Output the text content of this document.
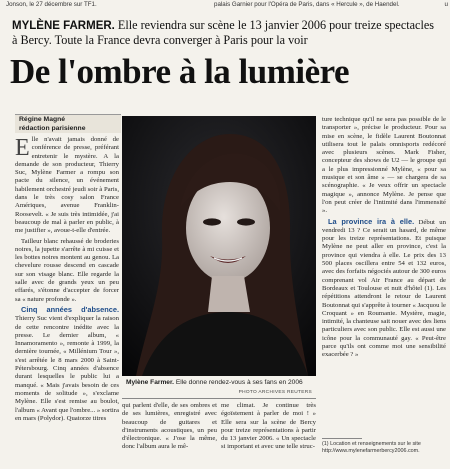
Jonson, le 27 décembre sur TF1.	palais Garnier pour l'Opéra de Paris, dans « Hercule », de Haendel.	u
MYLÈNE FARMER. Elle reviendra sur scène le 13 janvier 2006 pour treize spectacles à Bercy. Toute la France devra converger à Paris pour la voir
De l'ombre à la lumière
Régine Magné
rédaction parisienne

Elle n'avait jamais donné de conférence de presse, préférant entretenir le mystère. A la demande de son producteur, Thierry Suc, Mylène Farmer a rompu son pacte du silence, un événement habilement orchestré jeudi soir à Paris, dans le très cosy salon France Amériques, avenue Franklin-Roosevelt. « Je suis très intimidée, j'ai beaucoup de mal à parler en public, à me justifier », avoue-t-elle d'entrée.

Tailleur blanc rehaussé de broderies noires, la jupette s'arrête à mi cuisse et les bottes noires montent au genou. La chevelure rousse descend en cascade sur son visage blanc. Elle regarde la salle avec de grands yeux un peu effarés, s'étonne d'accepter de forcer sa « nature profonde ».

Cinq années d'absence. Thierry Suc vient d'expliquer la raison de cette rencontre inédite avec la presse. Le dernier album, « Innamoramento », remonte à 1999, la dernière tournée, « Millénium Tour », s'est arrêtée le 8 mars 2000 à Saint-Pétersbourg. Cinq années d'absence durant lesquelles le public lui a manqué. « Mais j'avais besoin de ces moments de solitude », s'exclame Mylène. Elle s'est remise au boulot, l'album « Avant que l'ombre... » sortira en mars (Polydor). Quatorze titres

Mylène Farmer. Elle donne rendez-vous à ses fans en 2006
PHOTO ARCHIVES REUTERS

qui parlent d'elle, de ses ombres et de ses lumières, enregistré avec beaucoup de guitares et d'instruments acoustiques, un peu d'électronique. « J'ose la même, donc l'album aura le mê-

me climat. Je continue très égoïstement à parler de moi ! » Elle sera sur la scène de Bercy pour treize représentations à partir du 13 janvier 2006. « Un spectacle si important et avec une telle struc-

ture technique qu'il ne sera pas possible de le transporter », précise le producteur. Pour sa mise en scène, le fidèle Laurent Boutonnat utilisera tout le palais omnisports redécoré avec plusieurs scènes. Mark Fisher, concepteur des shows de U2 — le groupe qui a le plus impressionné Mylène, « pour sa musique et son âme » — se chargera de sa scénographie. « Je veux offrir un spectacle magique », annonce Mylène. Je pense que l'on peut créer de l'intimité dans l'immensité ».

La province ira à elle. Début un vendredi 13 ? Ce serait un hasard, de même pour les treize représentations. Et puisque Mylène ne peut aller en province, c'est la province qui viendra à elle. Le prix des 13 500 places oscillera entre 54 et 132 euros, avec des forfaits négociés autour de 300 euros comprenant vol Air France au départ de Bordeaux et Toulouse et nuit d'hôtel (1). Les répétitions attendront le retour de Laurent Boutonnat qui s'apprête à tourner « Jacquou le Croquant » en Roumanie. Mystère, magie, intimité, la chanteuse sait nouer avec des liens particuliers avec son public. Elle est aussi une icône pour la communauté gay. « Peut-être parce qu'ils ont comme moi une sensibilité exacerbée ? »

(1) Location et renseignements sur le site
http://www.mylenefarmerbercy2006.com.
